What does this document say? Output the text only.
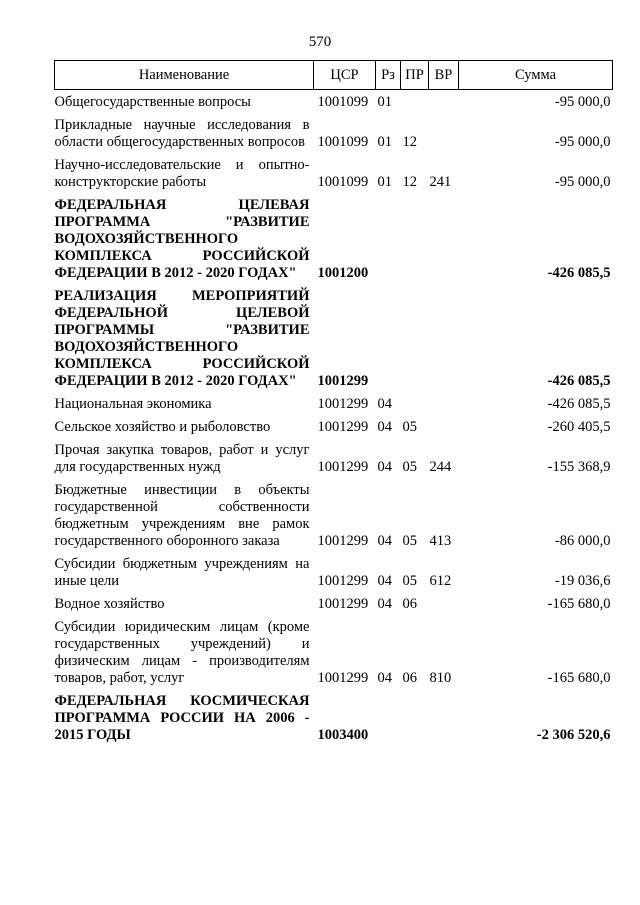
570
Наименование	ЦСР	Рз	ПР	ВР	Сумма
Общегосударственные вопросы	1001099	01			-95 000,0
Прикладные научные исследования в области общегосударственных вопросов	1001099	01	12		-95 000,0
Научно-исследовательские и опытно-конструкторские работы	1001099	01	12	241	-95 000,0
ФЕДЕРАЛЬНАЯ ЦЕЛЕВАЯ ПРОГРАММА "РАЗВИТИЕ ВОДОХОЗЯЙСТВЕННОГО КОМПЛЕКСА РОССИЙСКОЙ ФЕДЕРАЦИИ В 2012 - 2020 ГОДАХ"	1001200				-426 085,5
РЕАЛИЗАЦИЯ МЕРОПРИЯТИЙ ФЕДЕРАЛЬНОЙ ЦЕЛЕВОЙ ПРОГРАММЫ "РАЗВИТИЕ ВОДОХОЗЯЙСТВЕННОГО КОМПЛЕКСА РОССИЙСКОЙ ФЕДЕРАЦИИ В 2012 - 2020 ГОДАХ"	1001299				-426 085,5
Национальная экономика	1001299	04			-426 085,5
Сельское хозяйство и рыболовство	1001299	04	05		-260 405,5
Прочая закупка товаров, работ и услуг для государственных нужд	1001299	04	05	244	-155 368,9
Бюджетные инвестиции в объекты государственной собственности бюджетным учреждениям вне рамок государственного оборонного заказа	1001299	04	05	413	-86 000,0
Субсидии бюджетным учреждениям на иные цели	1001299	04	05	612	-19 036,6
Водное хозяйство	1001299	04	06		-165 680,0
Субсидии юридическим лицам (кроме государственных учреждений) и физическим лицам - производителям товаров, работ, услуг	1001299	04	06	810	-165 680,0
ФЕДЕРАЛЬНАЯ КОСМИЧЕСКАЯ ПРОГРАММА РОССИИ НА 2006 - 2015 ГОДЫ	1003400				-2 306 520,6
